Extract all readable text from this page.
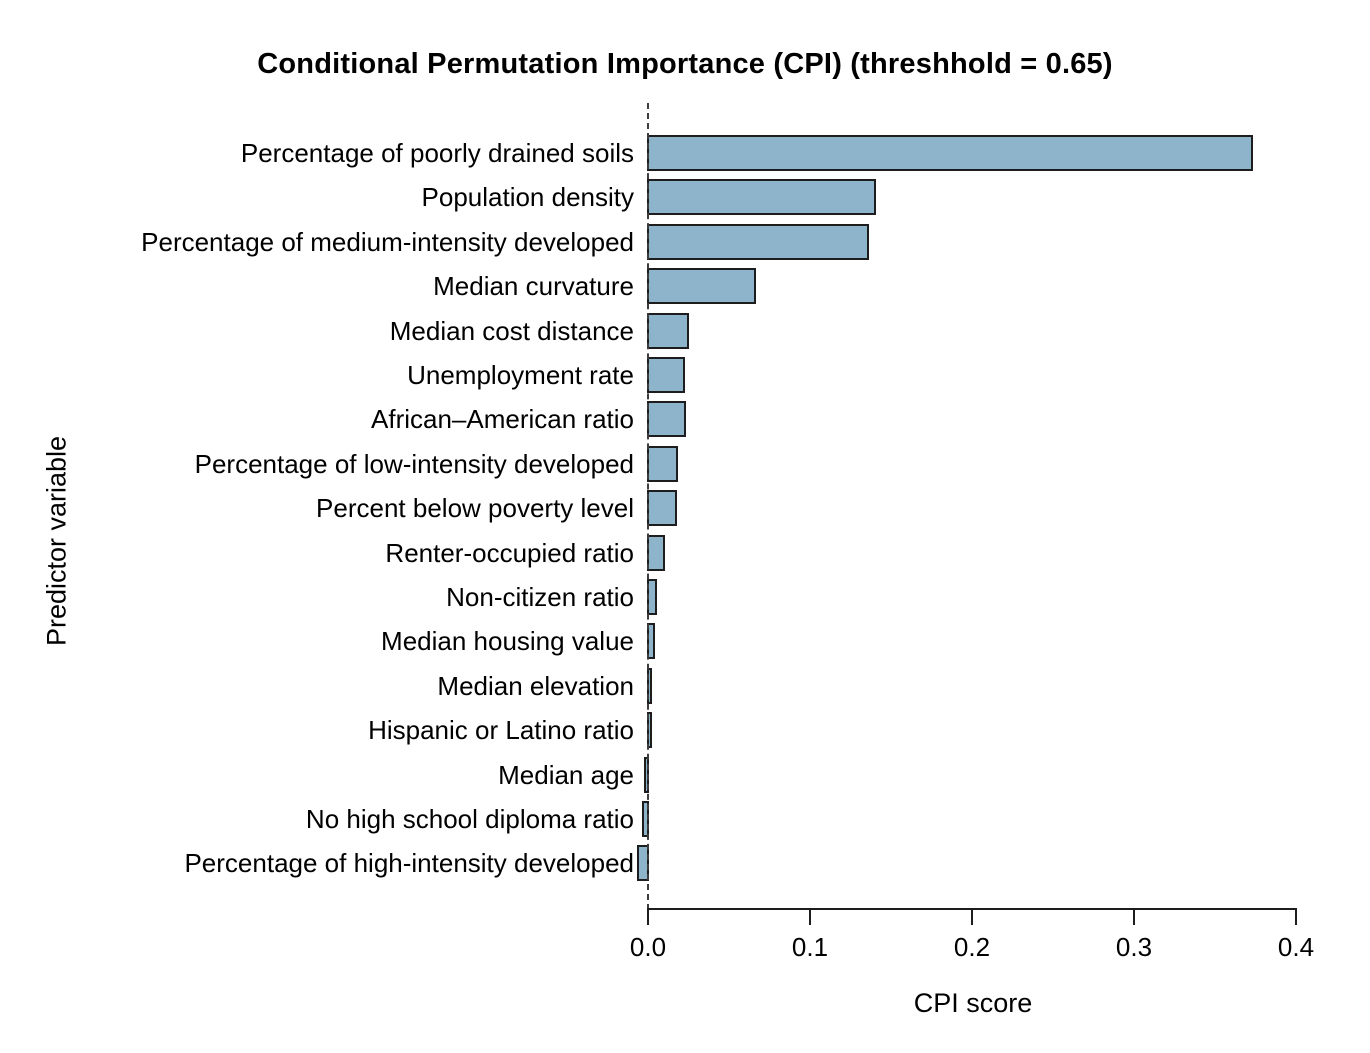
Conditional Permutation Importance (CPI) (threshhold = 0.65)
Predictor variable
Percentage of poorly drained soils
Population density
Percentage of medium-intensity developed
Median curvature
Median cost distance
Unemployment rate
African–American ratio
Percentage of low-intensity developed
Percent below poverty level
Renter-occupied ratio
Non-citizen ratio
Median housing value
Median elevation
Hispanic or Latino ratio
Median age
No high school diploma ratio
Percentage of high-intensity developed
0.0	0.1	0.2	0.3	0.4
CPI score
